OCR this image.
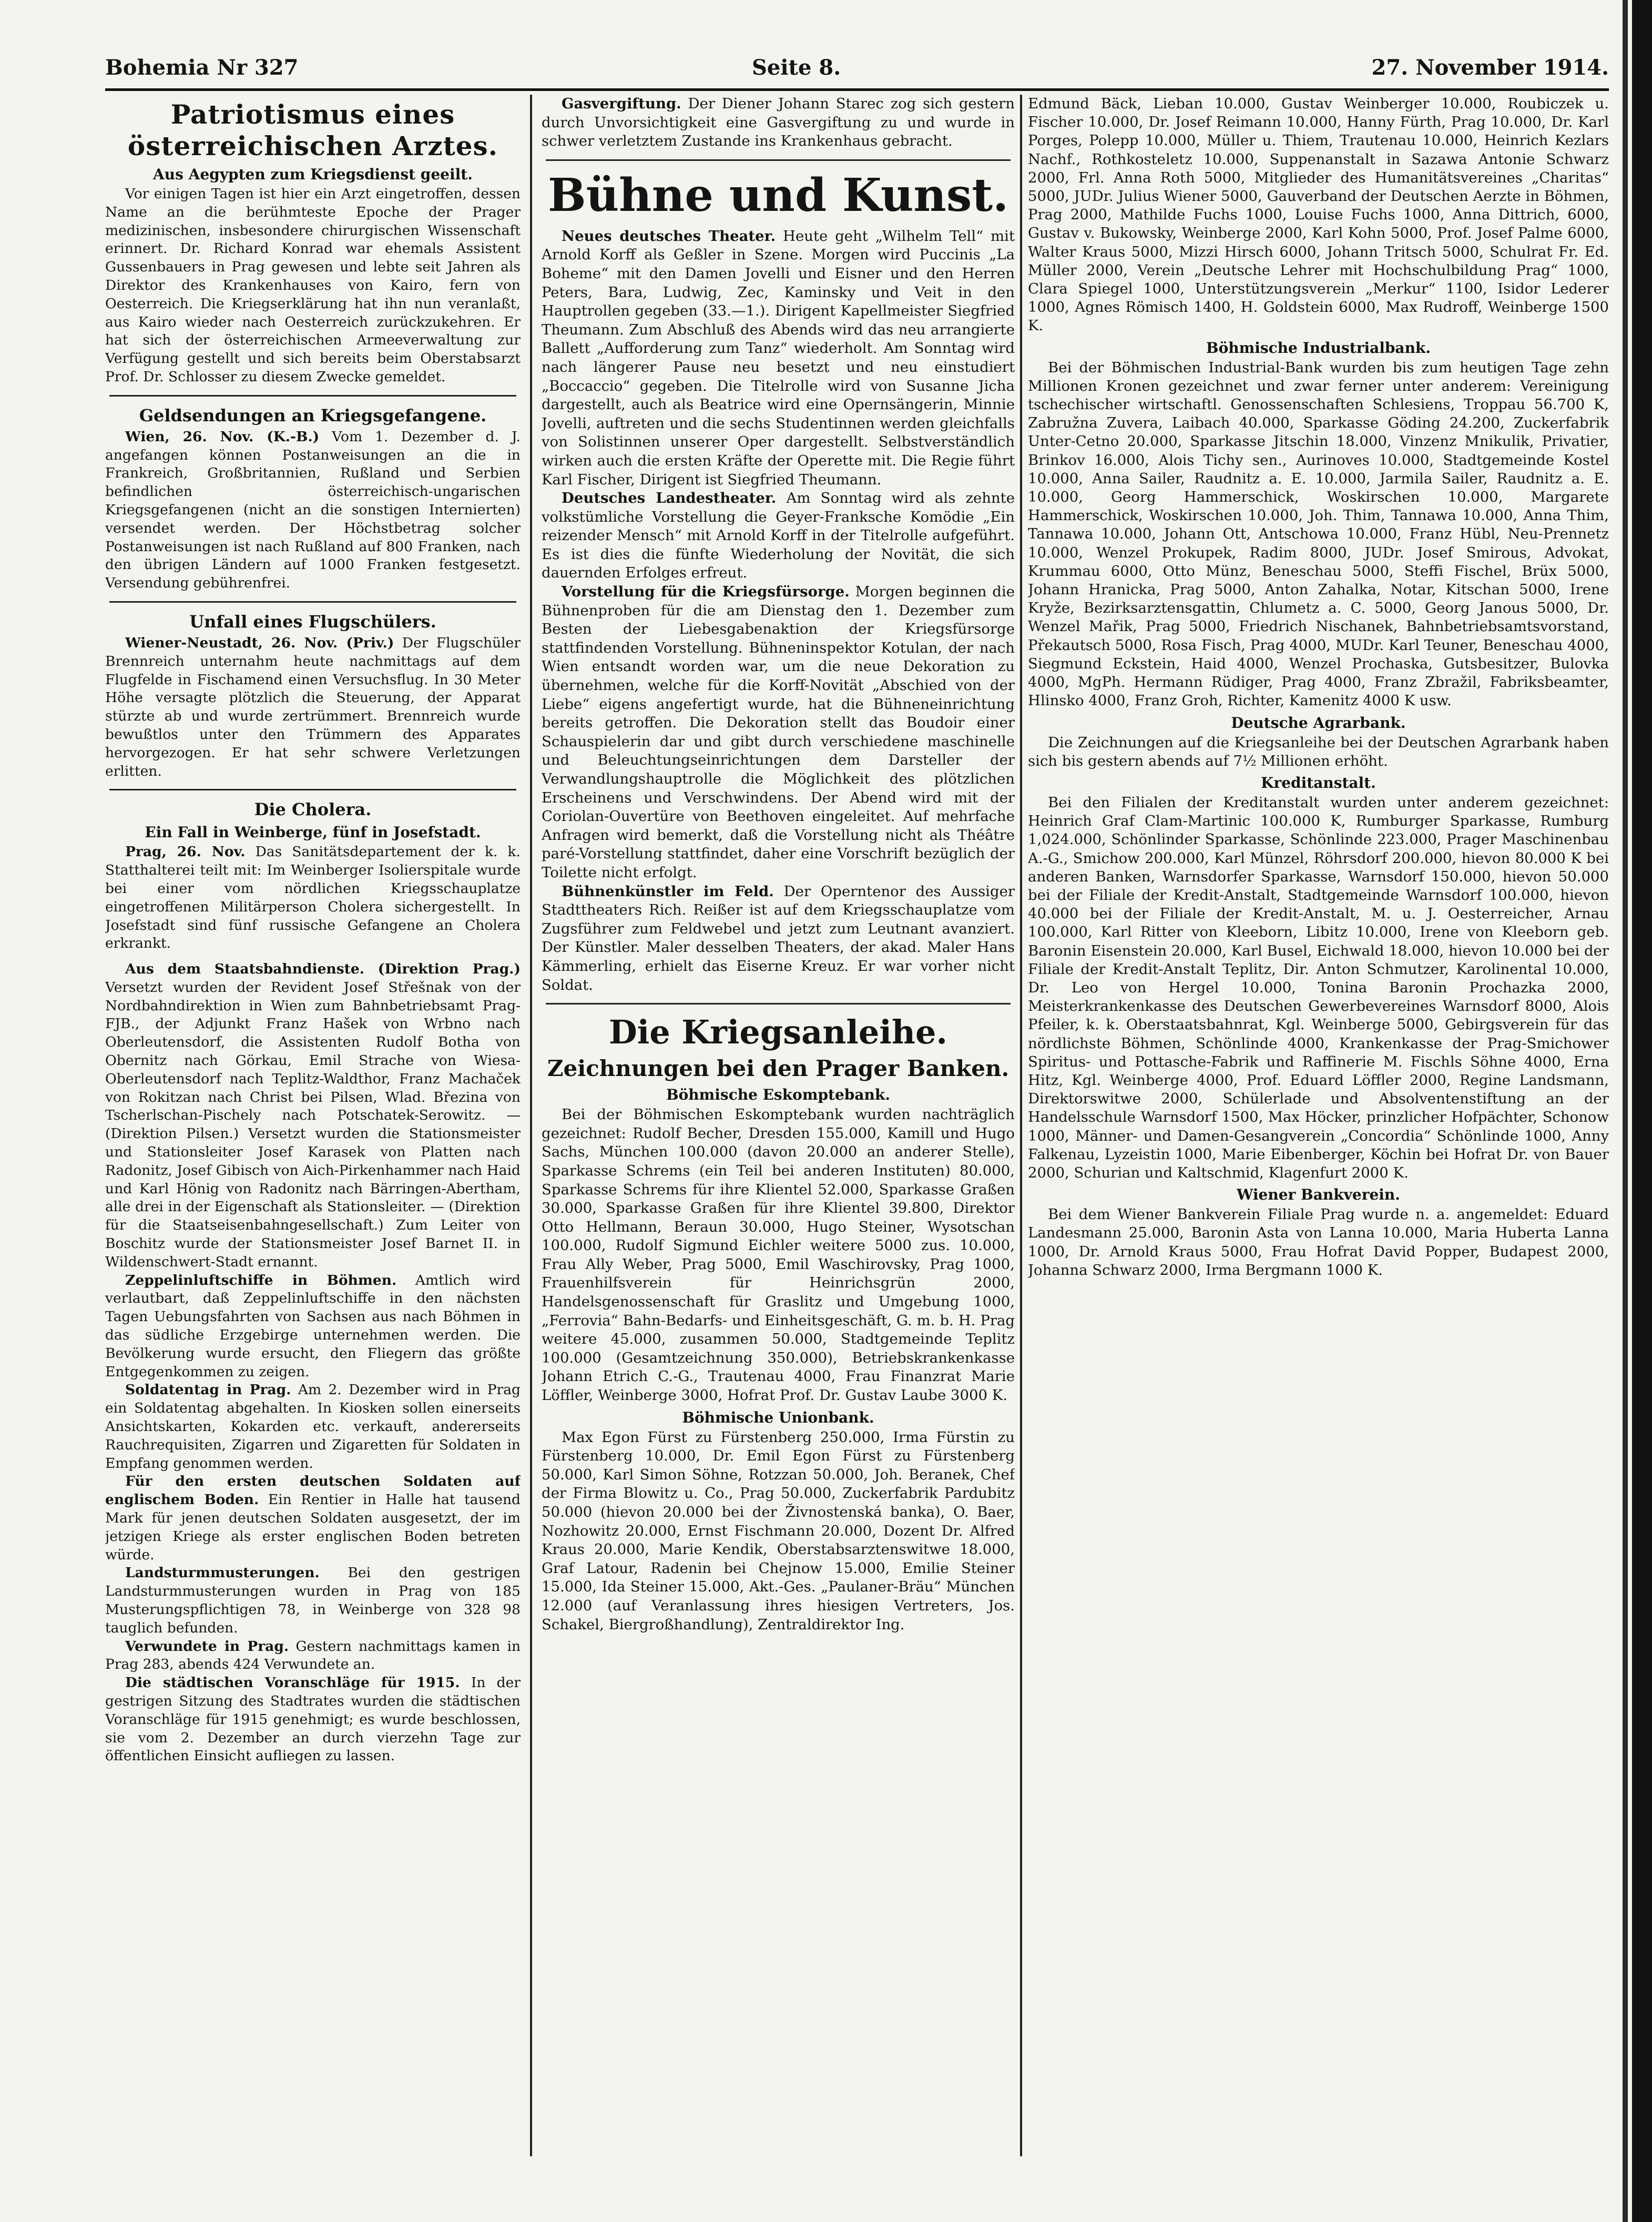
Bohemia Nr 327	Seite 8.	27. November 1914.
Patriotismus eines österreichischen Arztes.
Aus Aegypten zum Kriegsdienst geeilt.

Vor einigen Tagen ist hier ein Arzt eingetroffen, dessen Name an die berühmteste Epoche der Prager medizinischen, insbesondere chirurgischen Wissenschaft erinnert. Dr. Richard Konrad war ehemals Assistent Gussenbauers in Prag gewesen und lebte seit Jahren als Direktor des Krankenhauses von Kairo, fern von Oesterreich. Die Kriegserklärung hat ihn nun veranlaßt, aus Kairo wieder nach Oesterreich zurückzukehren. Er hat sich der österreichischen Armeeverwaltung zur Verfügung gestellt und sich bereits beim Oberstabsarzt Prof. Dr. Schlosser zu diesem Zwecke gemeldet.

Geldsendungen an Kriegsgefangene.

Wien, 26. Nov. (K.-B.) Vom 1. Dezember d. J. angefangen können Postanweisungen an die in Frankreich, Großbritannien, Rußland und Serbien befindlichen österreichisch-ungarischen Kriegsgefangenen (nicht an die sonstigen Internierten) versendet werden. Der Höchstbetrag solcher Postanweisungen ist nach Rußland auf 800 Franken, nach den übrigen Ländern auf 1000 Franken festgesetzt. Versendung gebührenfrei.

Unfall eines Flugschülers.

Wiener-Neustadt, 26. Nov. (Priv.) Der Flugschüler Brennreich unternahm heute nachmittags auf dem Flugfelde in Fischamend einen Versuchsflug. In 30 Meter Höhe versagte plötzlich die Steuerung, der Apparat stürzte ab und wurde zertrümmert. Brennreich wurde bewußtlos unter den Trümmern des Apparates hervorgezogen. Er hat sehr schwere Verletzungen erlitten.

Die Cholera.
Ein Fall in Weinberge, fünf in Josefstadt.

Prag, 26. Nov. Das Sanitätsdepartement der k. k. Statthalterei teilt mit: Im Weinberger Isolierspitale wurde bei einer vom nördlichen Kriegsschauplatze eingetroffenen Militärperson Cholera sichergestellt. In Josefstadt sind fünf russische Gefangene an Cholera erkrankt.

Aus dem Staatsbahndienste. (Direktion Prag.) Versetzt wurden der Revident Josef Střešnak von der Nordbahndirektion in Wien zum Bahnbetriebsamt Prag-FJB., der Adjunkt Franz Hašek von Wrbno nach Oberleutensdorf, die Assistenten Rudolf Botha von Obernitz nach Görkau, Emil Strache von Wiesa-Oberleutensdorf nach Teplitz-Waldthor, Franz Machaček von Rokitzan nach Christ bei Pilsen, Wlad. Březina von Tscherlschan-Pischely nach Potschatek-Serowitz. — (Direktion Pilsen.) Versetzt wurden die Stationsmeister und Stationsleiter Josef Karasek von Platten nach Radonitz, Josef Gibisch von Aich-Pirkenhammer nach Haid und Karl Hönig von Radonitz nach Bärringen-Abertham, alle drei in der Eigenschaft als Stationsleiter. — (Direktion für die Staatseisenbahngesellschaft.) Zum Leiter von Boschitz wurde der Stationsmeister Josef Barnet II. in Wildenschwert-Stadt ernannt.

Zeppelinluftschiffe in Böhmen. Amtlich wird verlautbart, daß Zeppelinluftschiffe in den nächsten Tagen Uebungsfahrten von Sachsen aus nach Böhmen in das südliche Erzgebirge unternehmen werden. Die Bevölkerung wurde ersucht, den Fliegern das größte Entgegenkommen zu zeigen.

Soldatentag in Prag. Am 2. Dezember wird in Prag ein Soldatentag abgehalten. In Kiosken sollen einerseits Ansichtskarten, Kokarden etc. verkauft, andererseits Rauchrequisiten, Zigarren und Zigaretten für Soldaten in Empfang genommen werden.

Für den ersten deutschen Soldaten auf englischem Boden. Ein Rentier in Halle hat tausend Mark für jenen deutschen Soldaten ausgesetzt, der im jetzigen Kriege als erster englischen Boden betreten würde.

Landsturmmusterungen. Bei den gestrigen Landsturmmusterungen wurden in Prag von 185 Musterungspflichtigen 78, in Weinberge von 328 98 tauglich befunden.

Verwundete in Prag. Gestern nachmittags kamen in Prag 283, abends 424 Verwundete an.

Die städtischen Voranschläge für 1915. In der gestrigen Sitzung des Stadtrates wurden die städtischen Voranschläge für 1915 genehmigt; es wurde beschlossen, sie vom 2. Dezember an durch vierzehn Tage zur öffentlichen Einsicht aufliegen zu lassen.

Gasvergiftung. Der Diener Johann Starec zog sich gestern durch Unvorsichtigkeit eine Gasvergiftung zu und wurde in schwer verletztem Zustande ins Krankenhaus gebracht.

Bühne und Kunst.

Neues deutsches Theater. Heute geht „Wilhelm Tell“ mit Arnold Korff als Geßler in Szene. Morgen wird Puccinis „La Boheme“ mit den Damen Jovelli und Eisner und den Herren Peters, Bara, Ludwig, Zec, Kaminsky und Veit in den Hauptrollen gegeben (33.—1.). Dirigent Kapellmeister Siegfried Theumann. Zum Abschluß des Abends wird das neu arrangierte Ballett „Aufforderung zum Tanz“ wiederholt. Am Sonntag wird nach längerer Pause neu besetzt und neu einstudiert „Boccaccio“ gegeben. Die Titelrolle wird von Susanne Jicha dargestellt, auch als Beatrice wird eine Opernsängerin, Minnie Jovelli, auftreten und die sechs Studentinnen werden gleichfalls von Solistinnen unserer Oper dargestellt. Selbstverständlich wirken auch die ersten Kräfte der Operette mit. Die Regie führt Karl Fischer, Dirigent ist Siegfried Theumann.

Deutsches Landestheater. Am Sonntag wird als zehnte volkstümliche Vorstellung die Geyer-Franksche Komödie „Ein reizender Mensch“ mit Arnold Korff in der Titelrolle aufgeführt. Es ist dies die fünfte Wiederholung der Novität, die sich dauernden Erfolges erfreut.

Vorstellung für die Kriegsfürsorge. Morgen beginnen die Bühnenproben für die am Dienstag den 1. Dezember zum Besten der Liebesgabenaktion der Kriegsfürsorge stattfindenden Vorstellung. Bühneninspektor Kotulan, der nach Wien entsandt worden war, um die neue Dekoration zu übernehmen, welche für die Korff-Novität „Abschied von der Liebe“ eigens angefertigt wurde, hat die Bühneneinrichtung bereits getroffen. Die Dekoration stellt das Boudoir einer Schauspielerin dar und gibt durch verschiedene maschinelle und Beleuchtungseinrichtungen dem Darsteller der Verwandlungshauptrolle die Möglichkeit des plötzlichen Erscheinens und Verschwindens. Der Abend wird mit der Coriolan-Ouvertüre von Beethoven eingeleitet. Auf mehrfache Anfragen wird bemerkt, daß die Vorstellung nicht als Théâtre paré-Vorstellung stattfindet, daher eine Vorschrift bezüglich der Toilette nicht erfolgt.

Bühnenkünstler im Feld. Der Operntenor des Aussiger Stadttheaters Rich. Reißer ist auf dem Kriegsschauplatze vom Zugsführer zum Feldwebel und jetzt zum Leutnant avanziert. Der Künstler. Maler desselben Theaters, der akad. Maler Hans Kämmerling, erhielt das Eiserne Kreuz. Er war vorher nicht Soldat.

Die Kriegsanleihe.
Zeichnungen bei den Prager Banken.
Böhmische Eskomptebank.

Bei der Böhmischen Eskomptebank wurden nachträglich gezeichnet: Rudolf Becher, Dresden 155.000, Kamill und Hugo Sachs, München 100.000 (davon 20.000 an anderer Stelle), Sparkasse Schrems (ein Teil bei anderen Instituten) 80.000, Sparkasse Schrems für ihre Klientel 52.000, Sparkasse Graßen 30.000, Sparkasse Graßen für ihre Klientel 39.800, Direktor Otto Hellmann, Beraun 30.000, Hugo Steiner, Wysotschan 100.000, Rudolf Sigmund Eichler weitere 5000 zus. 10.000, Frau Ally Weber, Prag 5000, Emil Waschirovsky, Prag 1000, Frauenhilfsverein für Heinrichsgrün 2000, Handelsgenossenschaft für Graslitz und Umgebung 1000, „Ferrovia“ Bahn-Bedarfs- und Einheitsgeschäft, G. m. b. H. Prag weitere 45.000, zusammen 50.000, Stadtgemeinde Teplitz 100.000 (Gesamtzeichnung 350.000), Betriebskrankenkasse Johann Etrich C.-G., Trautenau 4000, Frau Finanzrat Marie Löffler, Weinberge 3000, Hofrat Prof. Dr. Gustav Laube 3000 K.

Böhmische Unionbank.

Max Egon Fürst zu Fürstenberg 250.000, Irma Fürstin zu Fürstenberg 10.000, Dr. Emil Egon Fürst zu Fürstenberg 50.000, Karl Simon Söhne, Rotzzan 50.000, Joh. Beranek, Chef der Firma Blowitz u. Co., Prag 50.000, Zuckerfabrik Pardubitz 50.000 (hievon 20.000 bei der Živnostenská banka), O. Baer, Nozhowitz 20.000, Ernst Fischmann 20.000, Dozent Dr. Alfred Kraus 20.000, Marie Kendik, Oberstabsarztenswitwe 18.000, Graf Latour, Radenin bei Chejnow 15.000, Emilie Steiner 15.000, Ida Steiner 15.000, Akt.-Ges. „Paulaner-Bräu“ München 12.000 (auf Veranlassung ihres hiesigen Vertreters, Jos. Schakel, Biergroßhandlung), Zentraldirektor Ing.

Edmund Bäck, Lieban 10.000, Gustav Weinberger 10.000, Roubiczek u. Fischer 10.000, Dr. Josef Reimann 10.000, Hanny Fürth, Prag 10.000, Dr. Karl Porges, Polepp 10.000, Müller u. Thiem, Trautenau 10.000, Heinrich Kezlars Nachf., Rothkosteletz 10.000, Suppenanstalt in Sazawa Antonie Schwarz 2000, Frl. Anna Roth 5000, Mitglieder des Humanitätsvereines „Charitas“ 5000, JUDr. Julius Wiener 5000, Gauverband der Deutschen Aerzte in Böhmen, Prag 2000, Mathilde Fuchs 1000, Louise Fuchs 1000, Anna Dittrich, 6000, Gustav v. Bukowsky, Weinberge 2000, Karl Kohn 5000, Prof. Josef Palme 6000, Walter Kraus 5000, Mizzi Hirsch 6000, Johann Tritsch 5000, Schulrat Fr. Ed. Müller 2000, Verein „Deutsche Lehrer mit Hochschulbildung Prag“ 1000, Clara Spiegel 1000, Unterstützungsverein „Merkur“ 1100, Isidor Lederer 1000, Agnes Römisch 1400, H. Goldstein 6000, Max Rudroff, Weinberge 1500 K.

Böhmische Industrialbank.

Bei der Böhmischen Industrial-Bank wurden bis zum heutigen Tage zehn Millionen Kronen gezeichnet und zwar ferner unter anderem: Vereinigung tschechischer wirtschaftl. Genossenschaften Schlesiens, Troppau 56.700 K, Zabružna Zuvera, Laibach 40.000, Sparkasse Göding 24.200, Zuckerfabrik Unter-Cetno 20.000, Sparkasse Jitschin 18.000, Vinzenz Mnikulik, Privatier, Brinkov 16.000, Alois Tichy sen., Aurinoves 10.000, Stadtgemeinde Kostel 10.000, Anna Sailer, Raudnitz a. E. 10.000, Jarmila Sailer, Raudnitz a. E. 10.000, Georg Hammerschick, Woskirschen 10.000, Margarete Hammerschick, Woskirschen 10.000, Joh. Thim, Tannawa 10.000, Anna Thim, Tannawa 10.000, Johann Ott, Antschowa 10.000, Franz Hübl, Neu-Prennetz 10.000, Wenzel Prokupek, Radim 8000, JUDr. Josef Smirous, Advokat, Krummau 6000, Otto Münz, Beneschau 5000, Steffi Fischel, Brüx 5000, Johann Hranicka, Prag 5000, Anton Zahalka, Notar, Kitschan 5000, Irene Kryže, Bezirksarztensgattin, Chlumetz a. C. 5000, Georg Janous 5000, Dr. Wenzel Mařik, Prag 5000, Friedrich Nischanek, Bahnbetriebsamtsvorstand, Překautsch 5000, Rosa Fisch, Prag 4000, MUDr. Karl Teuner, Beneschau 4000, Siegmund Eckstein, Haid 4000, Wenzel Prochaska, Gutsbesitzer, Bulovka 4000, MgPh. Hermann Rüdiger, Prag 4000, Franz Zbražil, Fabriksbeamter, Hlinsko 4000, Franz Groh, Richter, Kamenitz 4000 K usw.

Deutsche Agrarbank.

Die Zeichnungen auf die Kriegsanleihe bei der Deutschen Agrarbank haben sich bis gestern abends auf 7½ Millionen erhöht.

Kreditanstalt.

Bei den Filialen der Kreditanstalt wurden unter anderem gezeichnet: Heinrich Graf Clam-Martinic 100.000 K, Rumburger Sparkasse, Rumburg 1,024.000, Schönlinder Sparkasse, Schönlinde 223.000, Prager Maschinenbau A.-G., Smichow 200.000, Karl Münzel, Röhrsdorf 200.000, hievon 80.000 K bei anderen Banken, Warnsdorfer Sparkasse, Warnsdorf 150.000, hievon 50.000 bei der Filiale der Kredit-Anstalt, Stadtgemeinde Warnsdorf 100.000, hievon 40.000 bei der Filiale der Kredit-Anstalt, M. u. J. Oesterreicher, Arnau 100.000, Karl Ritter von Kleeborn, Libitz 10.000, Irene von Kleeborn geb. Baronin Eisenstein 20.000, Karl Busel, Eichwald 18.000, hievon 10.000 bei der Filiale der Kredit-Anstalt Teplitz, Dir. Anton Schmutzer, Karolinental 10.000, Dr. Leo von Hergel 10.000, Tonina Baronin Prochazka 2000, Meisterkrankenkasse des Deutschen Gewerbevereines Warnsdorf 8000, Alois Pfeiler, k. k. Oberstaatsbahnrat, Kgl. Weinberge 5000, Gebirgsverein für das nördlichste Böhmen, Schönlinde 4000, Krankenkasse der Prag-Smichower Spiritus- und Pottasche-Fabrik und Raffinerie M. Fischls Söhne 4000, Erna Hitz, Kgl. Weinberge 4000, Prof. Eduard Löffler 2000, Regine Landsmann, Direktorswitwe 2000, Schülerlade und Absolventenstiftung an der Handelsschule Warnsdorf 1500, Max Höcker, prinzlicher Hofpächter, Schonow 1000, Männer- und Damen-Gesangverein „Concordia“ Schönlinde 1000, Anny Falkenau, Lyzeistin 1000, Marie Eibenberger, Köchin bei Hofrat Dr. von Bauer 2000, Schurian und Kaltschmid, Klagenfurt 2000 K.

Wiener Bankverein.

Bei dem Wiener Bankverein Filiale Prag wurde n. a. angemeldet: Eduard Landesmann 25.000, Baronin Asta von Lanna 10.000, Maria Huberta Lanna 1000, Dr. Arnold Kraus 5000, Frau Hofrat David Popper, Budapest 2000, Johanna Schwarz 2000, Irma Bergmann 1000 K.
